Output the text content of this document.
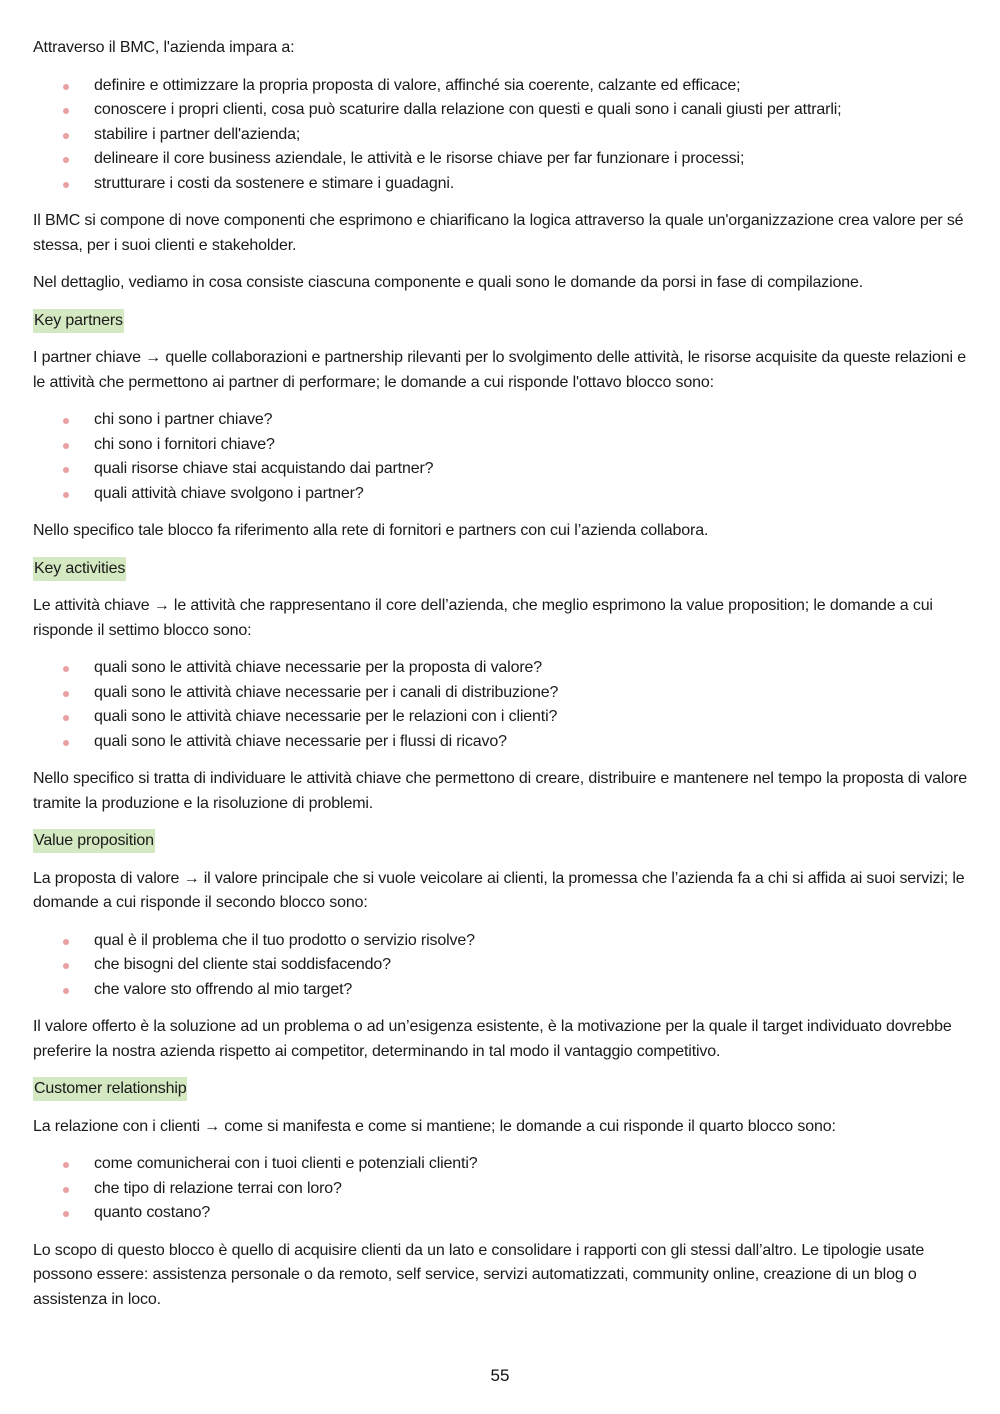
Attraverso il BMC, l'azienda impara a:

definire e ottimizzare la propria proposta di valore, affinché sia coerente, calzante ed efficace;
conoscere i propri clienti, cosa può scaturire dalla relazione con questi e quali sono i canali giusti per attrarli;
stabilire i partner dell'azienda;
delineare il core business aziendale, le attività e le risorse chiave per far funzionare i processi;
strutturare i costi da sostenere e stimare i guadagni.

Il BMC si compone di nove componenti che esprimono e chiarificano la logica attraverso la quale un'organizzazione crea valore per sé stessa, per i suoi clienti e stakeholder.

Nel dettaglio, vediamo in cosa consiste ciascuna componente e quali sono le domande da porsi in fase di compilazione.

Key partners

I partner chiave → quelle collaborazioni e partnership rilevanti per lo svolgimento delle attività, le risorse acquisite da queste relazioni e le attività che permettono ai partner di performare; le domande a cui risponde l'ottavo blocco sono:

chi sono i partner chiave?
chi sono i fornitori chiave?
quali risorse chiave stai acquistando dai partner?
quali attività chiave svolgono i partner?

Nello specifico tale blocco fa riferimento alla rete di fornitori e partners con cui l’azienda collabora.

Key activities

Le attività chiave → le attività che rappresentano il core dell’azienda, che meglio esprimono la value proposition; le domande a cui risponde il settimo blocco sono:

quali sono le attività chiave necessarie per la proposta di valore?
quali sono le attività chiave necessarie per i canali di distribuzione?
quali sono le attività chiave necessarie per le relazioni con i clienti?
quali sono le attività chiave necessarie per i flussi di ricavo?

Nello specifico si tratta di individuare le attività chiave che permettono di creare, distribuire e mantenere nel tempo la proposta di valore tramite la produzione e la risoluzione di problemi.

Value proposition

La proposta di valore → il valore principale che si vuole veicolare ai clienti, la promessa che l’azienda fa a chi si affida ai suoi servizi; le domande a cui risponde il secondo blocco sono:

qual è il problema che il tuo prodotto o servizio risolve?
che bisogni del cliente stai soddisfacendo?
che valore sto offrendo al mio target?

Il valore offerto è la soluzione ad un problema o ad un’esigenza esistente, è la motivazione per la quale il target individuato dovrebbe preferire la nostra azienda rispetto ai competitor, determinando in tal modo il vantaggio competitivo.

Customer relationship

La relazione con i clienti → come si manifesta e come si mantiene; le domande a cui risponde il quarto blocco sono:

come comunicherai con i tuoi clienti e potenziali clienti?
che tipo di relazione terrai con loro?
quanto costano?

Lo scopo di questo blocco è quello di acquisire clienti da un lato e consolidare i rapporti con gli stessi dall’altro. Le tipologie usate possono essere: assistenza personale o da remoto, self service, servizi automatizzati, community online, creazione di un blog o assistenza in loco.

55
